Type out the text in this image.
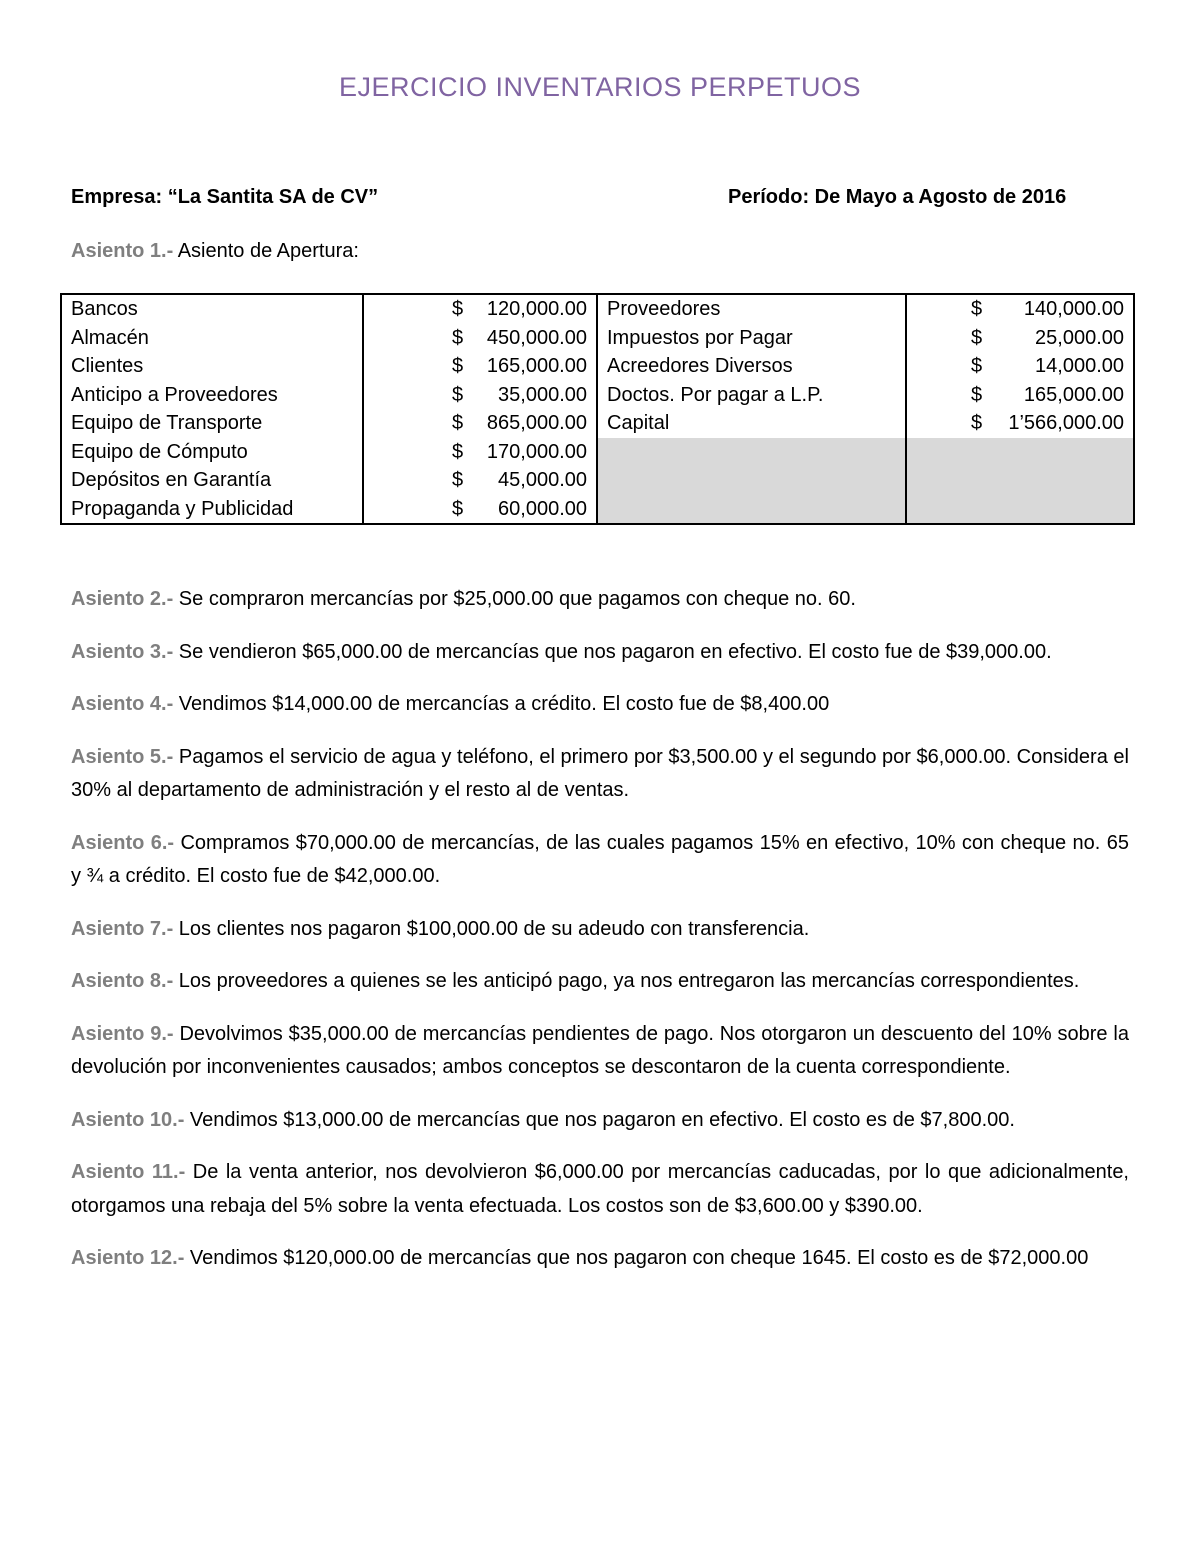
EJERCICIO INVENTARIOS PERPETUOS
Empresa: “La Santita SA de CV”	Período: De Mayo a Agosto de 2016
Asiento 1.- Asiento de Apertura:
Bancos	$ 120,000.00	Proveedores	$ 140,000.00

Almacén	$ 450,000.00	Impuestos por Pagar	$ 25,000.00

Clientes	$ 165,000.00	Acreedores Diversos	$ 14,000.00

Anticipo a Proveedores	$ 35,000.00	Doctos. Por pagar a L.P.	$ 165,000.00

Equipo de Transporte	$ 865,000.00	Capital	$ 1’566,000.00

Equipo de Cómputo	$ 170,000.00		

Depósitos en Garantía	$ 45,000.00		

Propaganda y Publicidad	$ 60,000.00		

Asiento 2.- Se compraron mercancías por $25,000.00 que pagamos con cheque no. 60.

Asiento 3.- Se vendieron $65,000.00 de mercancías que nos pagaron en efectivo. El costo fue de $39,000.00.

Asiento 4.- Vendimos $14,000.00 de mercancías a crédito. El costo fue de $8,400.00

Asiento 5.- Pagamos el servicio de agua y teléfono, el primero por $3,500.00 y el segundo por $6,000.00. Considera el 30% al departamento de administración y el resto al de ventas.

Asiento 6.- Compramos $70,000.00 de mercancías, de las cuales pagamos 15% en efectivo, 10% con cheque no. 65 y ¾ a crédito. El costo fue de $42,000.00.

Asiento 7.- Los clientes nos pagaron $100,000.00 de su adeudo con transferencia.

Asiento 8.- Los proveedores a quienes se les anticipó pago, ya nos entregaron las mercancías correspondientes.

Asiento 9.- Devolvimos $35,000.00 de mercancías pendientes de pago. Nos otorgaron un descuento del 10% sobre la devolución por inconvenientes causados; ambos conceptos se descontaron de la cuenta correspondiente.

Asiento 10.- Vendimos $13,000.00 de mercancías que nos pagaron en efectivo. El costo es de $7,800.00.

Asiento 11.- De la venta anterior, nos devolvieron $6,000.00 por mercancías caducadas, por lo que adicionalmente, otorgamos una rebaja del 5% sobre la venta efectuada. Los costos son de $3,600.00 y $390.00.

Asiento 12.- Vendimos $120,000.00 de mercancías que nos pagaron con cheque 1645. El costo es de $72,000.00
